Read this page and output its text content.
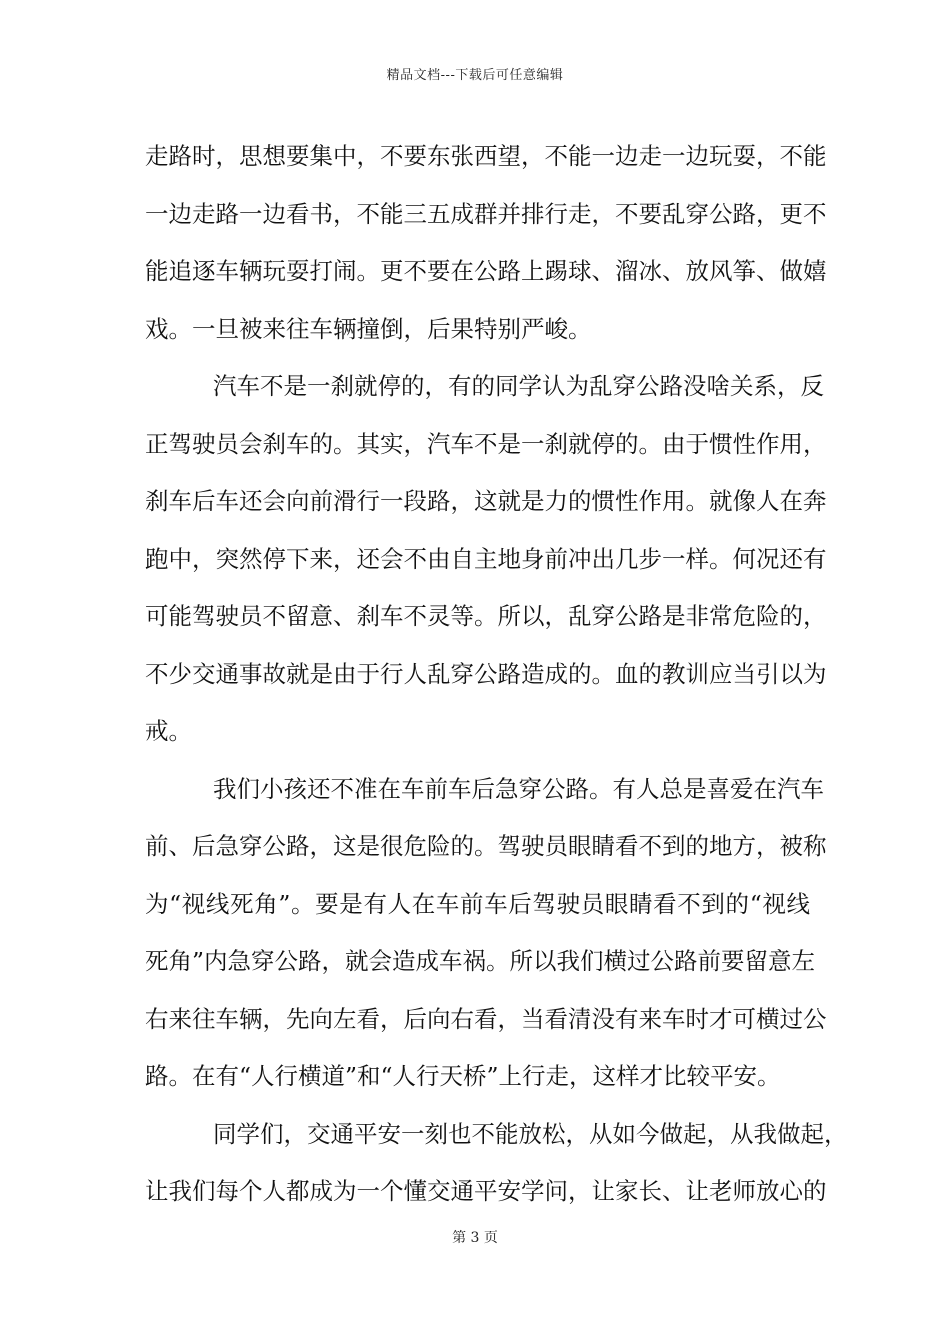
精品文档---下载后可任意编辑
走路时，思想要集中，不要东张西望，不能一边走一边玩耍，不能
一边走路一边看书，不能三五成群并排行走，不要乱穿公路，更不
能追逐车辆玩耍打闹。更不要在公路上踢球、溜冰、放风筝、做嬉
戏。一旦被来往车辆撞倒，后果特别严峻。
汽车不是一刹就停的，有的同学认为乱穿公路没啥关系，反
正驾驶员会刹车的。其实，汽车不是一刹就停的。由于惯性作用，
刹车后车还会向前滑行一段路，这就是力的惯性作用。就像人在奔
跑中，突然停下来，还会不由自主地身前冲出几步一样。何况还有
可能驾驶员不留意、刹车不灵等。所以，乱穿公路是非常危险的，
不少交通事故就是由于行人乱穿公路造成的。血的教训应当引以为
戒。
我们小孩还不准在车前车后急穿公路。有人总是喜爱在汽车
前、后急穿公路，这是很危险的。驾驶员眼睛看不到的地方，被称
为“视线死角”。要是有人在车前车后驾驶员眼睛看不到的“视线
死角”内急穿公路，就会造成车祸。所以我们横过公路前要留意左
右来往车辆，先向左看，后向右看，当看清没有来车时才可横过公
路。在有“人行横道”和“人行天桥”上行走，这样才比较平安。
同学们，交通平安一刻也不能放松，从如今做起，从我做起，
让我们每个人都成为一个懂交通平安学问，让家长、让老师放心的
第 3 页
